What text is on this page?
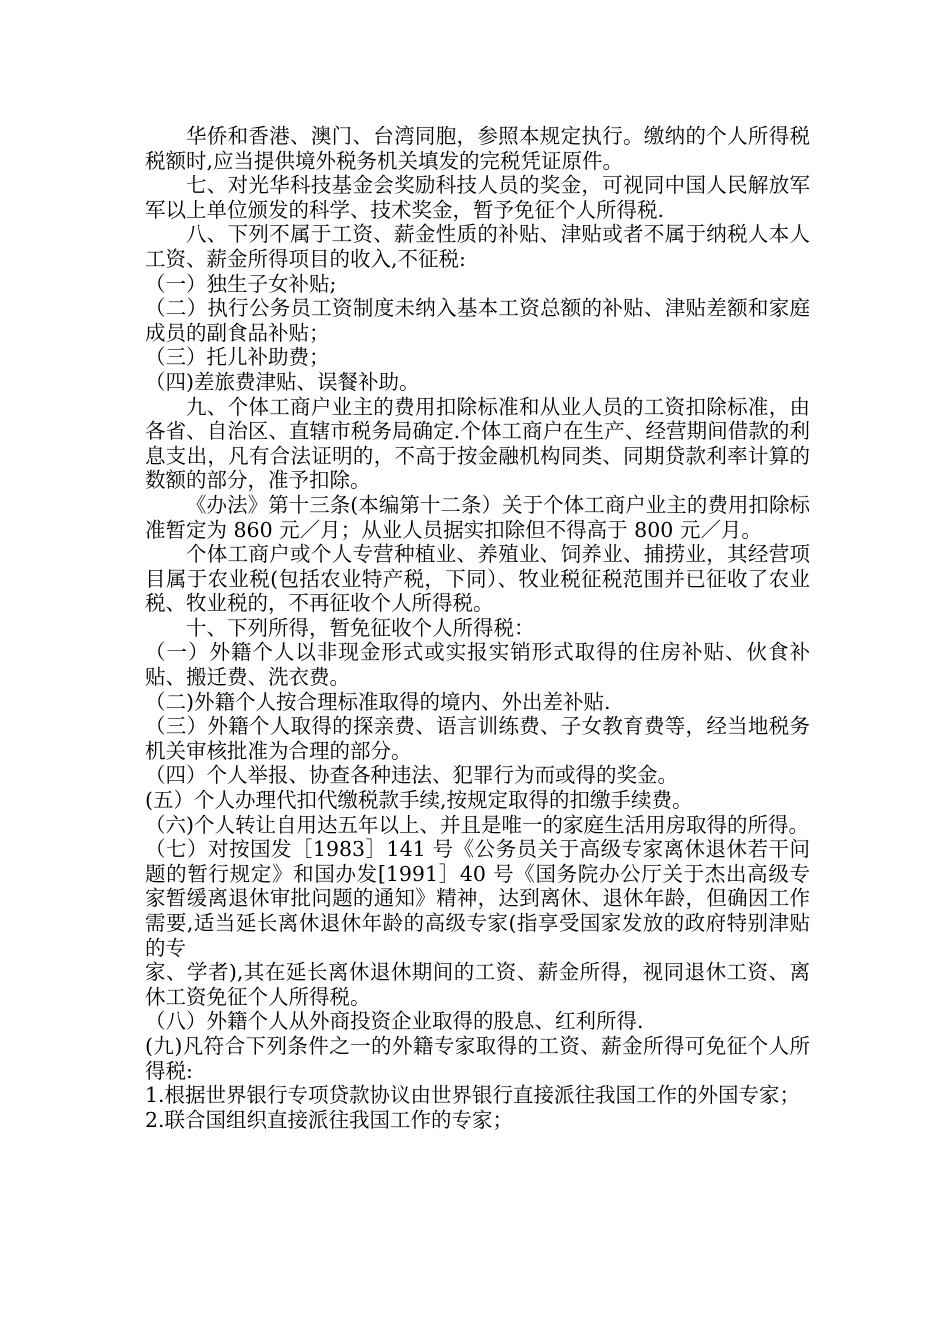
华侨和香港、澳门、台湾同胞，参照本规定执行。缴纳的个人所得税税额时,应当提供境外税务机关填发的完税凭证原件。

七、对光华科技基金会奖励科技人员的奖金，可视同中国人民解放军军以上单位颁发的科学、技术奖金，暂予免征个人所得税.

八、下列不属于工资、薪金性质的补贴、津贴或者不属于纳税人本人工资、薪金所得项目的收入,不征税:

（一）独生子女补贴;

（二）执行公务员工资制度未纳入基本工资总额的补贴、津贴差额和家庭成员的副食品补贴；

（三）托儿补助费；

（四)差旅费津贴、误餐补助。

九、个体工商户业主的费用扣除标准和从业人员的工资扣除标准，由各省、自治区、直辖市税务局确定.个体工商户在生产、经营期间借款的利息支出，凡有合法证明的，不高于按金融机构同类、同期贷款利率计算的数额的部分，准予扣除。

《办法》第十三条(本编第十二条）关于个体工商户业主的费用扣除标准暂定为 860 元／月；从业人员据实扣除但不得高于 800 元／月。

个体工商户或个人专营种植业、养殖业、饲养业、捕捞业，其经营项目属于农业税(包括农业特产税，下同）、牧业税征税范围并已征收了农业税、牧业税的，不再征收个人所得税。

十、下列所得，暂免征收个人所得税：

（一）外籍个人以非现金形式或实报实销形式取得的住房补贴、伙食补贴、搬迁费、洗衣费。

（二)外籍个人按合理标准取得的境内、外出差补贴.

（三）外籍个人取得的探亲费、语言训练费、子女教育费等，经当地税务机关审核批准为合理的部分。

（四）个人举报、协查各种违法、犯罪行为而或得的奖金。

(五）个人办理代扣代缴税款手续,按规定取得的扣缴手续费。

（六)个人转让自用达五年以上、并且是唯一的家庭生活用房取得的所得。

（七）对按国发［1983］141 号《公务员关于高级专家离休退休若干问题的暂行规定》和国办发[1991］40 号《国务院办公厅关于杰出高级专家暂缓离退休审批问题的通知》精神，达到离休、退休年龄，但确因工作需要,适当延长离休退休年龄的高级专家(指享受国家发放的政府特别津贴的专

家、学者),其在延长离休退休期间的工资、薪金所得，视同退休工资、离休工资免征个人所得税。

（八）外籍个人从外商投资企业取得的股息、红利所得.

(九)凡符合下列条件之一的外籍专家取得的工资、薪金所得可免征个人所得税:

1.根据世界银行专项贷款协议由世界银行直接派往我国工作的外国专家；

2.联合国组织直接派往我国工作的专家；
